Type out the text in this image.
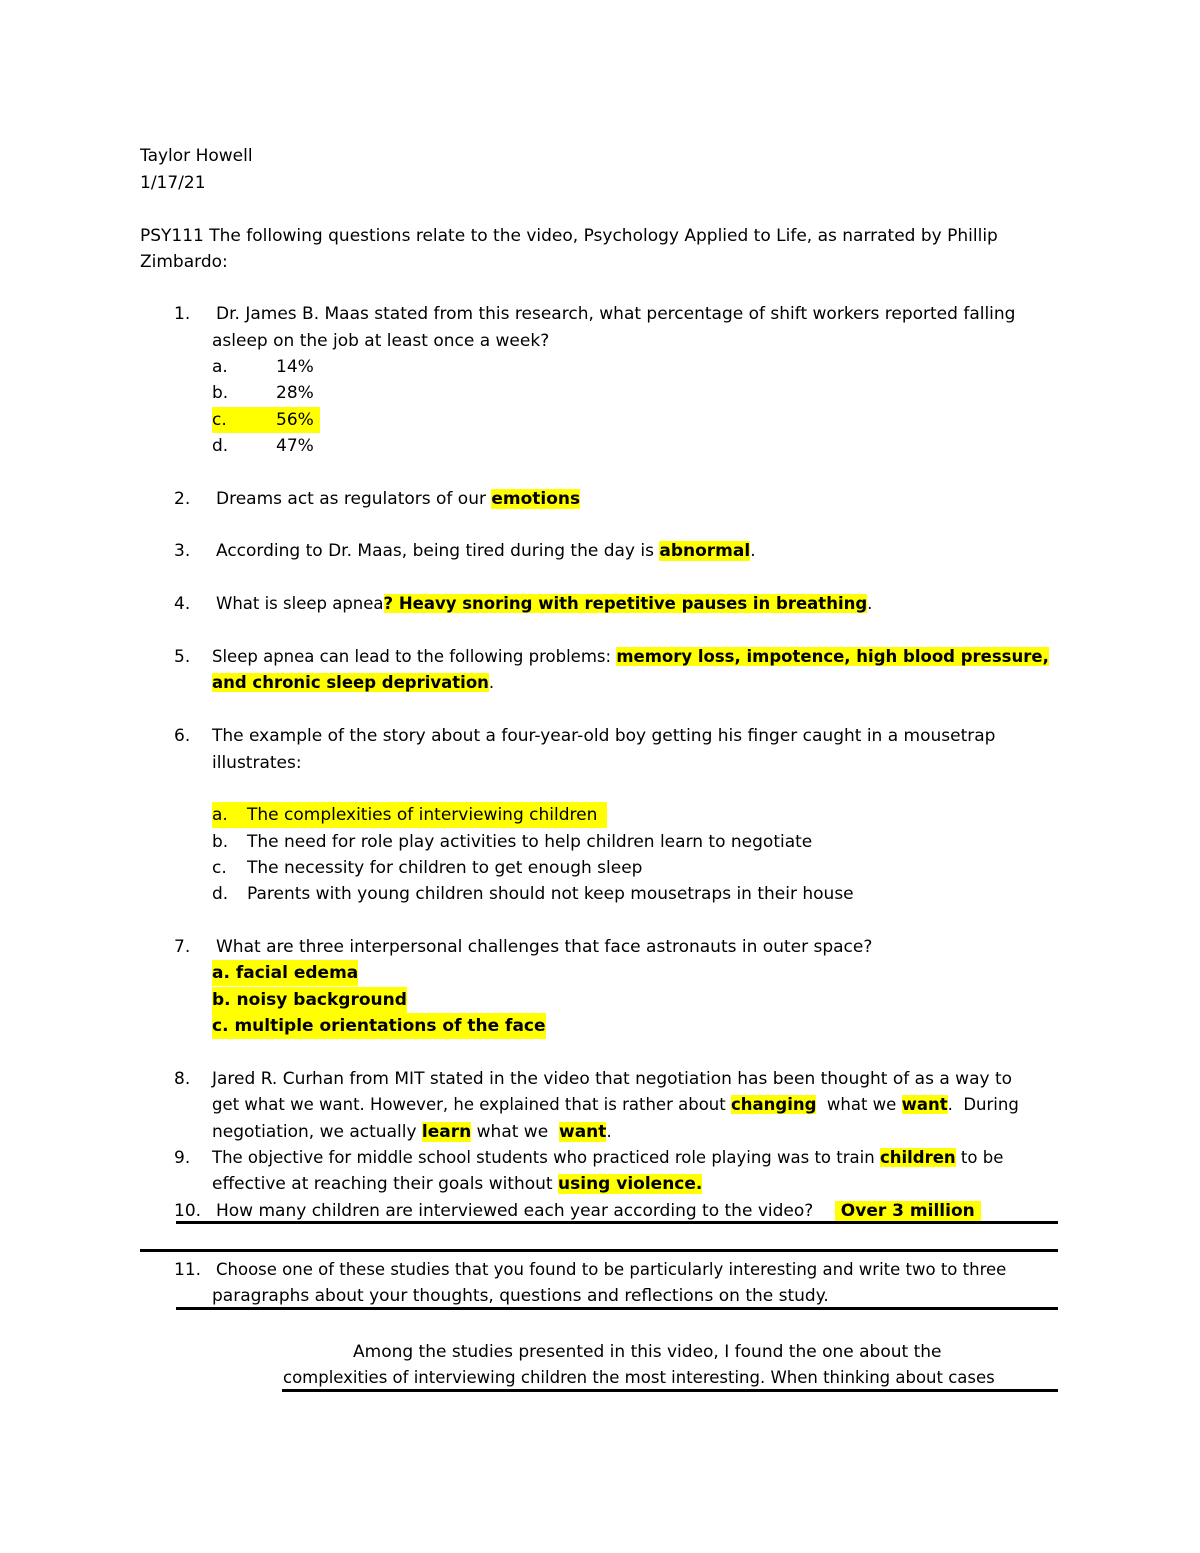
Taylor Howell
1/17/21
PSY111 The following questions relate to the video, Psychology Applied to Life, as narrated by Phillip
Zimbardo:
1.	Dr. James B. Maas stated from this research, what percentage of shift workers reported falling
asleep on the job at least once a week?
a.	14%
b.	28%
c.	56%
d.	47%
2.	Dreams act as regulators of our emotions
3.	According to Dr. Maas, being tired during the day is abnormal.
4.	What is sleep apnea? Heavy snoring with repetitive pauses in breathing.
5.	Sleep apnea can lead to the following problems: memory loss, impotence, high blood pressure,
and chronic sleep deprivation.
6.	The example of the story about a four-year-old boy getting his finger caught in a mousetrap
illustrates:
a. The complexities of interviewing children
b. The need for role play activities to help children learn to negotiate
c. The necessity for children to get enough sleep
d. Parents with young children should not keep mousetraps in their house
7.	What are three interpersonal challenges that face astronauts in outer space?
a. facial edema
b. noisy background
c. multiple orientations of the face
8.	Jared R. Curhan from MIT stated in the video that negotiation has been thought of as a way to
get what we want. However, he explained that is rather about changing  what we want.  During
negotiation, we actually learn what we  want.
9.	The objective for middle school students who practiced role playing was to train children to be
effective at reaching their goals without using violence.
10. How many children are interviewed each year according to the video?     Over 3 million
11. Choose one of these studies that you found to be particularly interesting and write two to three
paragraphs about your thoughts, questions and reflections on the study.
Among the studies presented in this video, I found the one about the
complexities of interviewing children the most interesting. When thinking about cases
